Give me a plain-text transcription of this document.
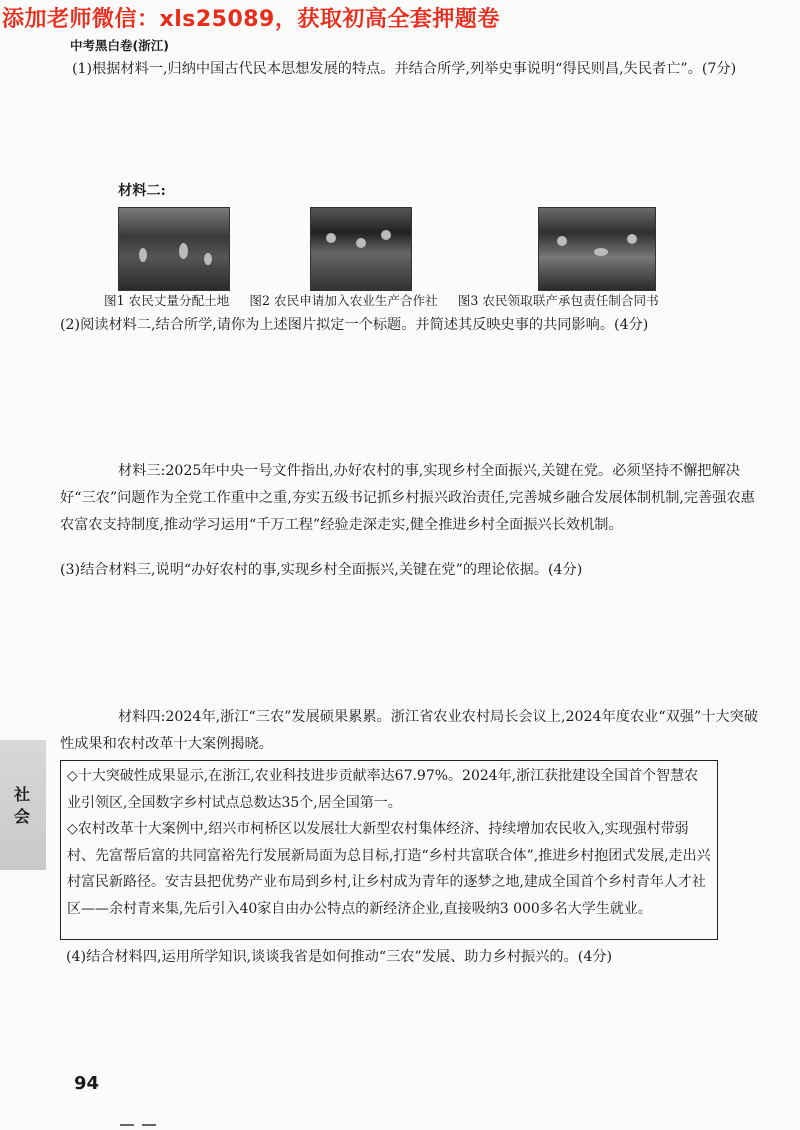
添加老师微信：xls25089，获取初高全套押题卷
中考黑白卷(浙江)
(1)根据材料一,归纳中国古代民本思想发展的特点。并结合所学,列举史事说明“得民则昌,失民者亡”。(7分)
材料二:
图1 农民丈量分配土地 图2 农民申请加入农业生产合作社 图3 农民领取联产承包责任制合同书
(2)阅读材料二,结合所学,请你为上述图片拟定一个标题。并简述其反映史事的共同影响。(4分)
材料三:2025年中央一号文件指出,办好农村的事,实现乡村全面振兴,关键在党。必须坚持不懈把解决好“三农”问题作为全党工作重中之重,夯实五级书记抓乡村振兴政治责任,完善城乡融合发展体制机制,完善强农惠农富农支持制度,推动学习运用“千万工程”经验走深走实,健全推进乡村全面振兴长效机制。
(3)结合材料三,说明“办好农村的事,实现乡村全面振兴,关键在党”的理论依据。(4分)
材料四:2024年,浙江“三农”发展硕果累累。浙江省农业农村局长会议上,2024年度农业“双强”十大突破性成果和农村改革十大案例揭晓。
◇十大突破性成果显示,在浙江,农业科技进步贡献率达67.97%。2024年,浙江获批建设全国首个智慧农业引领区,全国数字乡村试点总数达35个,居全国第一。
◇农村改革十大案例中,绍兴市柯桥区以发展壮大新型农村集体经济、持续增加农民收入,实现强村带弱村、先富帮后富的共同富裕先行发展新局面为总目标,打造“乡村共富联合体”,推进乡村抱团式发展,走出兴村富民新路径。安吉县把优势产业布局到乡村,让乡村成为青年的逐梦之地,建成全国首个乡村青年人才社区——余村青来集,先后引入40家自由办公特点的新经济企业,直接吸纳3 000多名大学生就业。
(4)结合材料四,运用所学知识,谈谈我省是如何推动“三农”发展、助力乡村振兴的。(4分)
社
会
94
